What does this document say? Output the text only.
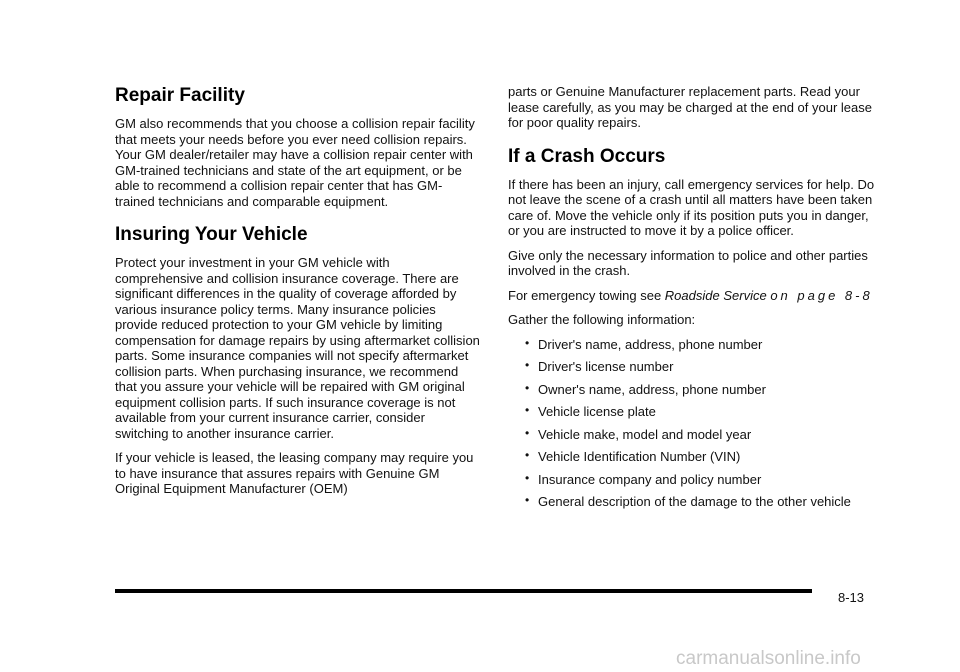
Repair Facility

GM also recommends that you choose a collision repair facility that meets your needs before you ever need collision repairs. Your GM dealer/retailer may have a collision repair center with GM-trained technicians and state of the art equipment, or be able to recommend a collision repair center that has GM-trained technicians and comparable equipment.

Insuring Your Vehicle

Protect your investment in your GM vehicle with comprehensive and collision insurance coverage. There are significant differences in the quality of coverage afforded by various insurance policy terms. Many insurance policies provide reduced protection to your GM vehicle by limiting compensation for damage repairs by using aftermarket collision parts. Some insurance companies will not specify aftermarket collision parts. When purchasing insurance, we recommend that you assure your vehicle will be repaired with GM original equipment collision parts. If such insurance coverage is not available from your current insurance carrier, consider switching to another insurance carrier.

If your vehicle is leased, the leasing company may require you to have insurance that assures repairs with Genuine GM Original Equipment Manufacturer (OEM)

parts or Genuine Manufacturer replacement parts. Read your lease carefully, as you may be charged at the end of your lease for poor quality repairs.

If a Crash Occurs

If there has been an injury, call emergency services for help. Do not leave the scene of a crash until all matters have been taken care of. Move the vehicle only if its position puts you in danger, or you are instructed to move it by a police officer.

Give only the necessary information to police and other parties involved in the crash.

For emergency towing see Roadside Service on page 8-8

Gather the following information:

• Driver's name, address, phone number
• Driver's license number
• Owner's name, address, phone number
• Vehicle license plate
• Vehicle make, model and model year
• Vehicle Identification Number (VIN)
• Insurance company and policy number
• General description of the damage to the other vehicle
8-13
carmanualsonline.info
